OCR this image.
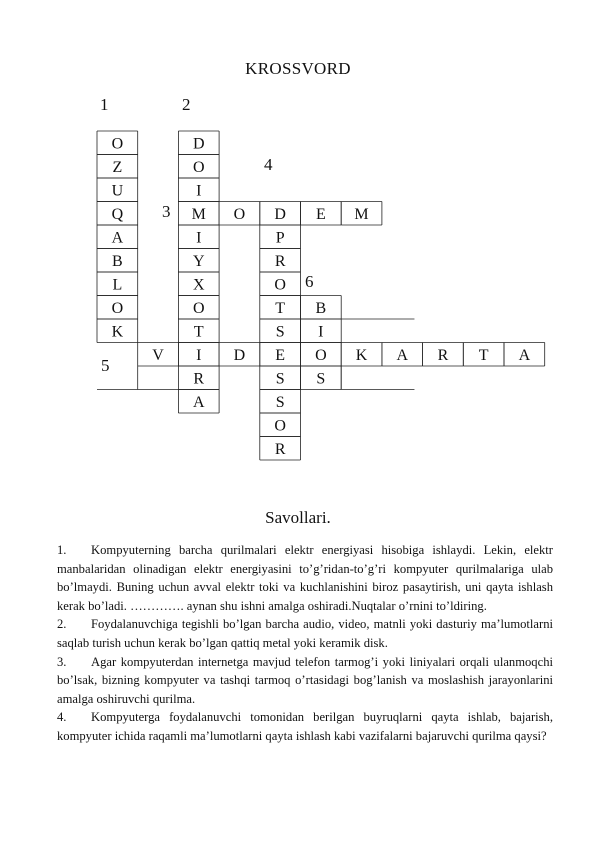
KROSSVORD
1	2
3
4
5
6
O
Z
U
Q
A
B
L
O
K
D
O
I
M
I
Y
X
O
T
I
R
A
O D E M
P
R
O
T
S
E
S
S
O
R
V	D	O K A R T A
B
I
S
Savollari.

1. Kompyuterning barcha qurilmalari elektr energiyasi hisobiga ishlaydi. Lekin, elektr manbalaridan olinadigan elektr energiyasini to’g’ridan-to’g’ri kompyuter qurilmalariga ulab bo’lmaydi. Buning uchun avval elektr toki va kuchlanishini biroz pasaytirish, uni qayta ishlash kerak bo’ladi. …………. aynan shu ishni amalga oshiradi.Nuqtalar o’rnini to’ldiring.

2. Foydalanuvchiga tegishli bo’lgan barcha audio, video, matnli yoki dasturiy ma’lumotlarni saqlab turish uchun kerak bo’lgan qattiq metal yoki keramik disk.

3. Agar kompyuterdan internetga mavjud telefon tarmog’i yoki liniyalari orqali ulanmoqchi bo’lsak, bizning kompyuter va tashqi tarmoq o’rtasidagi bog’lanish va moslashish jarayonlarini amalga oshiruvchi qurilma.

4. Kompyuterga foydalanuvchi tomonidan berilgan buyruqlarni qayta ishlab, bajarish, kompyuter ichida raqamli ma’lumotlarni qayta ishlash kabi vazifalarni bajaruvchi qurilma qaysi?
